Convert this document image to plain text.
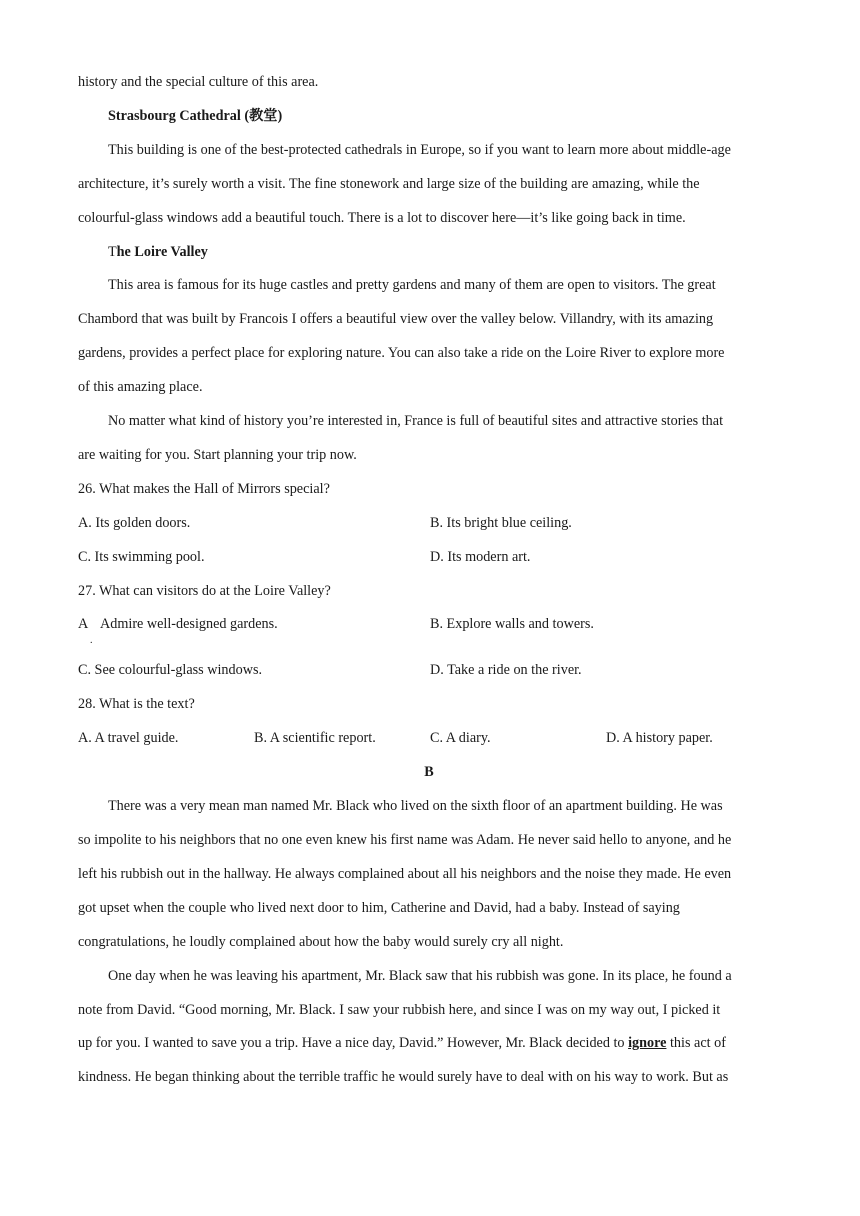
history and the special culture of this area.
Strasbourg Cathedral (教堂)
This building is one of the best-protected cathedrals in Europe, so if you want to learn more about middle-age
architecture, it’s surely worth a visit. The fine stonework and large size of the building are amazing, while the
colourful-glass windows add a beautiful touch. There is a lot to discover here—it’s like going back in time.
The Loire Valley
This area is famous for its huge castles and pretty gardens and many of them are open to visitors. The great
Chambord that was built by Francois I offers a beautiful view over the valley below. Villandry, with its amazing
gardens, provides a perfect place for exploring nature. You can also take a ride on the Loire River to explore more
of this amazing place.
No matter what kind of history you’re interested in, France is full of beautiful sites and attractive stories that
are waiting for you. Start planning your trip now.
26. What makes the Hall of Mirrors special?
A. Its golden doors.	B. Its bright blue ceiling.
C. Its swimming pool.	D. Its modern art.
27. What can visitors do at the Loire Valley?
A
.
Admire well-designed gardens.	B. Explore walls and towers.
C. See colourful-glass windows.	D. Take a ride on the river.
28. What is the text?
A. A travel guide.	B. A scientific report.	C. A diary.	D. A history paper.
B
There was a very mean man named Mr. Black who lived on the sixth floor of an apartment building. He was
so impolite to his neighbors that no one even knew his first name was Adam. He never said hello to anyone, and he
left his rubbish out in the hallway. He always complained about all his neighbors and the noise they made. He even
got upset when the couple who lived next door to him, Catherine and David, had a baby. Instead of saying
congratulations, he loudly complained about how the baby would surely cry all night.
One day when he was leaving his apartment, Mr. Black saw that his rubbish was gone. In its place, he found a
note from David. “Good morning, Mr. Black. I saw your rubbish here, and since I was on my way out, I picked it
up for you. I wanted to save you a trip. Have a nice day, David.” However, Mr. Black decided to ignore this act of
kindness. He began thinking about the terrible traffic he would surely have to deal with on his way to work. But as
